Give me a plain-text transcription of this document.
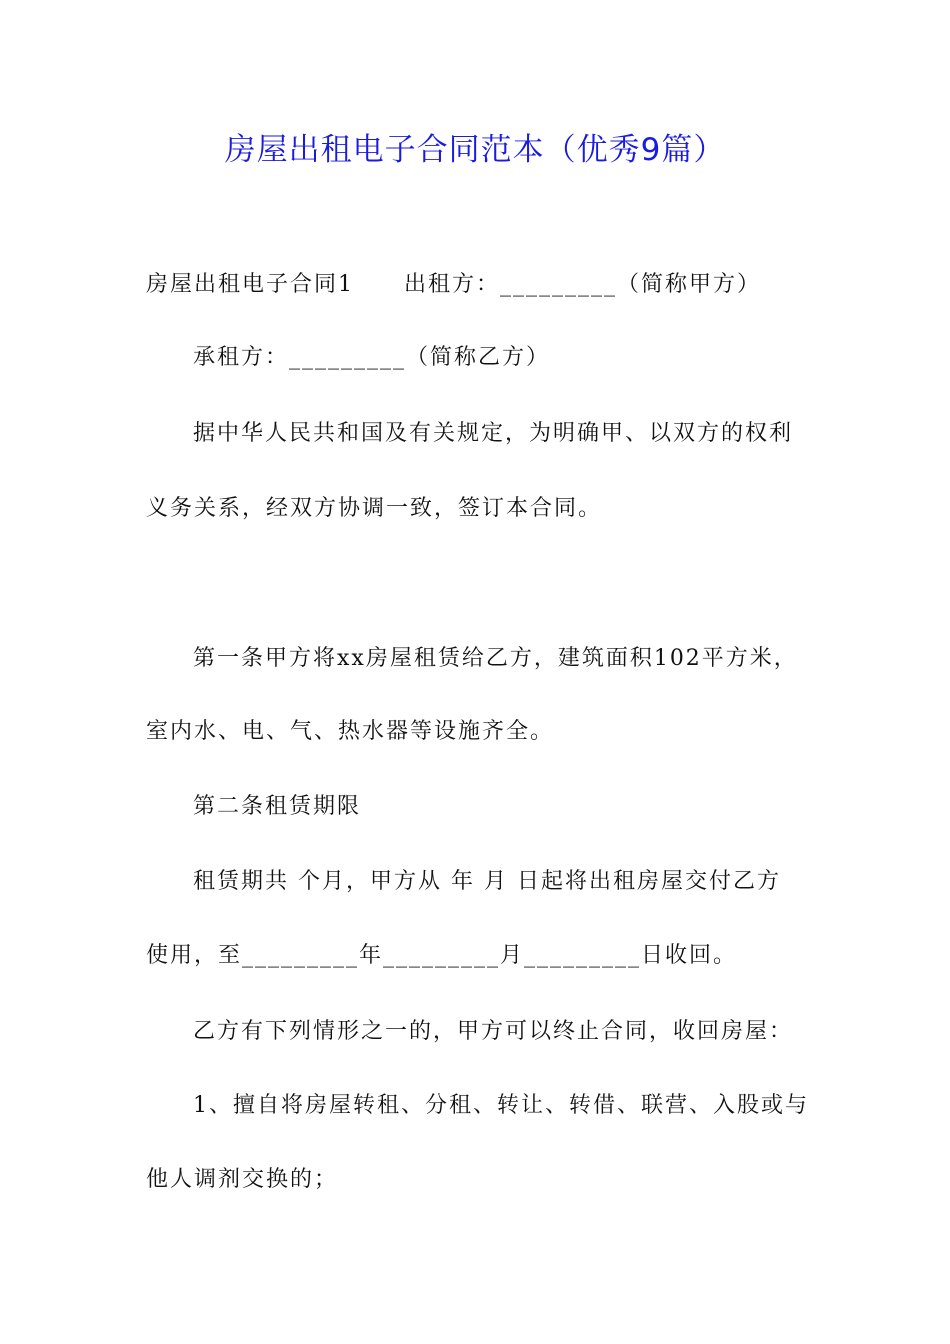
房屋出租电子合同范本（优秀9篇）
房屋出租电子合同1 出租方：_________（简称甲方）
承租方：_________（简称乙方）
据中华人民共和国及有关规定，为明确甲、以双方的权利
义务关系，经双方协调一致，签订本合同。
第一条甲方将xx房屋租赁给乙方，建筑面积102平方米，
室内水、电、气、热水器等设施齐全。
第二条租赁期限
租赁期共 个月，甲方从 年 月 日起将出租房屋交付乙方
使用，至_________年_________月_________日收回。
乙方有下列情形之一的，甲方可以终止合同，收回房屋：
1、擅自将房屋转租、分租、转让、转借、联营、入股或与
他人调剂交换的；
